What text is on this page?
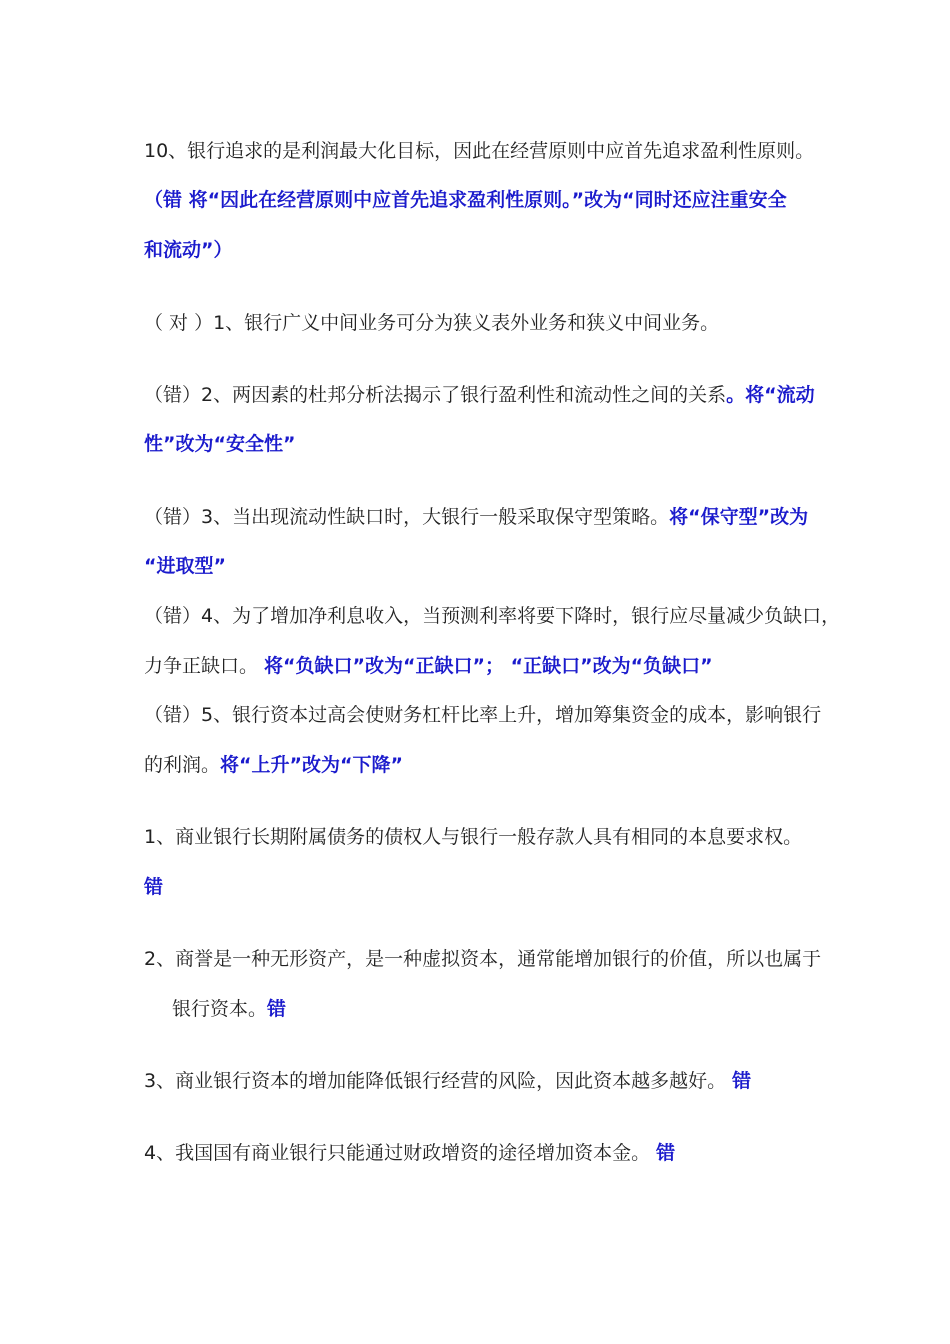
10、银行追求的是利润最大化目标，因此在经营原则中应首先追求盈利性原则。
（错 将“因此在经营原则中应首先追求盈利性原则。”改为“同时还应注重安全
和流动”）
（ 对 ）1、银行广义中间业务可分为狭义表外业务和狭义中间业务。
（错）2、两因素的杜邦分析法揭示了银行盈利性和流动性之间的关系。将“流动
性”改为“安全性”
（错）3、当出现流动性缺口时，大银行一般采取保守型策略。将“保守型”改为
“进取型”
（错）4、为了增加净利息收入，当预测利率将要下降时，银行应尽量减少负缺口，
力争正缺口。 将“负缺口”改为“正缺口”； “正缺口”改为“负缺口”
（错）5、银行资本过高会使财务杠杆比率上升，增加筹集资金的成本，影响银行
的利润。将“上升”改为“下降”
1、商业银行长期附属债务的债权人与银行一般存款人具有相同的本息要求权。
错
2、商誉是一种无形资产，是一种虚拟资本，通常能增加银行的价值，所以也属于
银行资本。错
3、商业银行资本的增加能降低银行经营的风险，因此资本越多越好。 错
4、我国国有商业银行只能通过财政增资的途径增加资本金。 错
